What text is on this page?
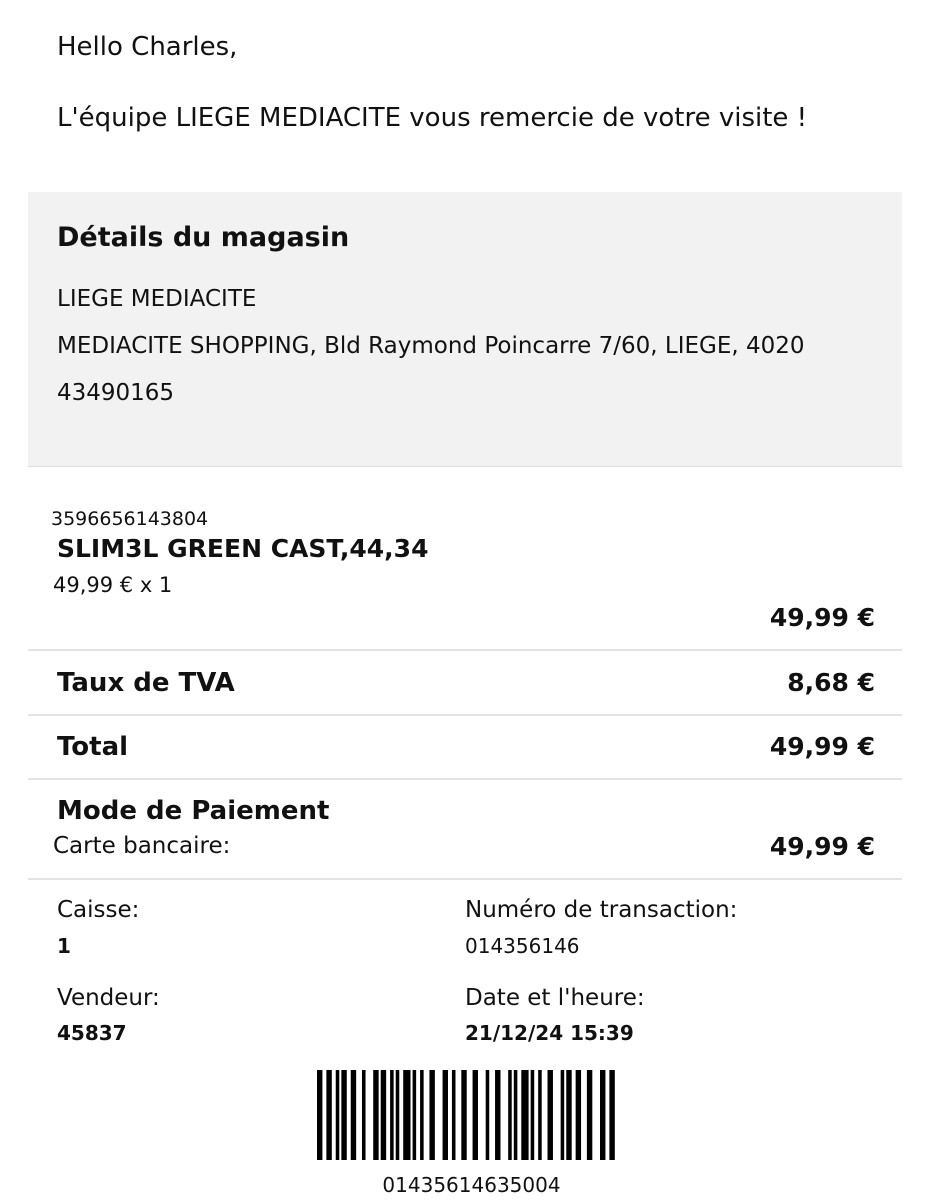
Hello Charles,
L'équipe LIEGE MEDIACITE vous remercie de votre visite !
Détails du magasin
LIEGE MEDIACITE
MEDIACITE SHOPPING, Bld Raymond Poincarre 7/60, LIEGE, 4020
43490165
3596656143804
SLIM3L GREEN CAST,44,34
49,99 € x 1
49,99 €
Taux de TVA	8,68 €
Total	49,99 €
Mode de Paiement
Carte bancaire:	49,99 €
Caisse:
1
Numéro de transaction:
014356146
Vendeur:
45837
Date et l'heure:
21/12/24 15:39
01435614635004
